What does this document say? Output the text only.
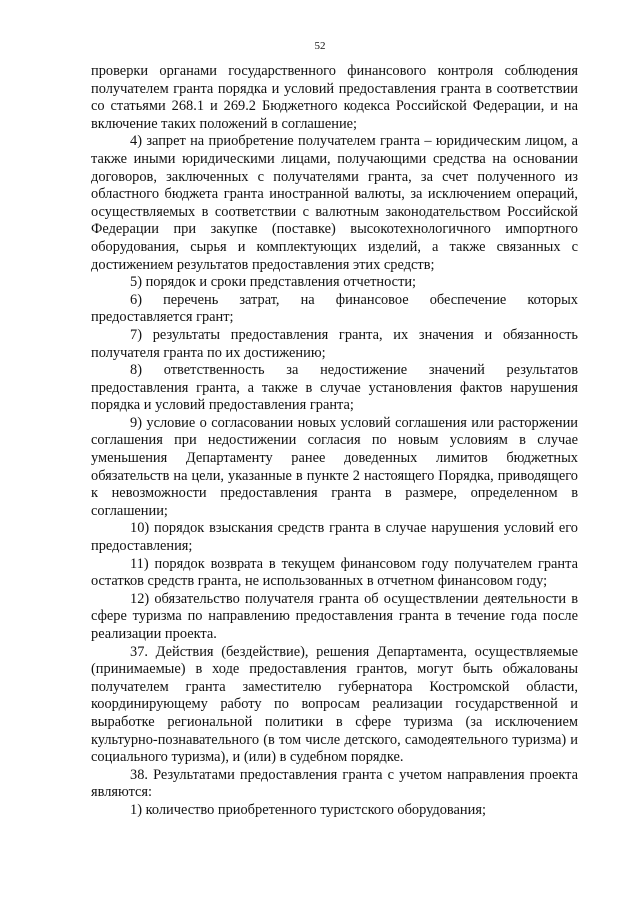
52

проверки органами государственного финансового контроля соблюдения получателем гранта порядка и условий предоставления гранта в соответствии со статьями 268.1 и 269.2 Бюджетного кодекса Российской Федерации, и на включение таких положений в соглашение;

4) запрет на приобретение получателем гранта – юридическим лицом, а также иными юридическими лицами, получающими средства на основании договоров, заключенных с получателями гранта, за счет полученного из областного бюджета гранта иностранной валюты, за исключением операций, осуществляемых в соответствии с валютным законодательством Российской Федерации при закупке (поставке) высокотехнологичного импортного оборудования, сырья и комплектующих изделий, а также связанных с достижением результатов предоставления этих средств;

5) порядок и сроки представления отчетности;

6) перечень затрат, на финансовое обеспечение которых предоставляется грант;

7) результаты предоставления гранта, их значения и обязанность получателя гранта по их достижению;

8) ответственность за недостижение значений результатов предоставления гранта, а также в случае установления фактов нарушения порядка и условий предоставления гранта;

9) условие о согласовании новых условий соглашения или расторжении соглашения при недостижении согласия по новым условиям в случае уменьшения Департаменту ранее доведенных лимитов бюджетных обязательств на цели, указанные в пункте 2 настоящего Порядка, приводящего к невозможности предоставления гранта в размере, определенном в соглашении;

10) порядок взыскания средств гранта в случае нарушения условий его предоставления;

11) порядок возврата в текущем финансовом году получателем гранта остатков средств гранта, не использованных в отчетном финансовом году;

12) обязательство получателя гранта об осуществлении деятельности в сфере туризма по направлению предоставления гранта в течение года после реализации проекта.

37. Действия (бездействие), решения Департамента, осуществляемые (принимаемые) в ходе предоставления грантов, могут быть обжалованы получателем гранта заместителю губернатора Костромской области, координирующему работу по вопросам реализации государственной и выработке региональной политики в сфере туризма (за исключением культурно-познавательного (в том числе детского, самодеятельного туризма) и социального туризма), и (или) в судебном порядке.

38. Результатами предоставления гранта с учетом направления проекта являются:

1) количество приобретенного туристского оборудования;
